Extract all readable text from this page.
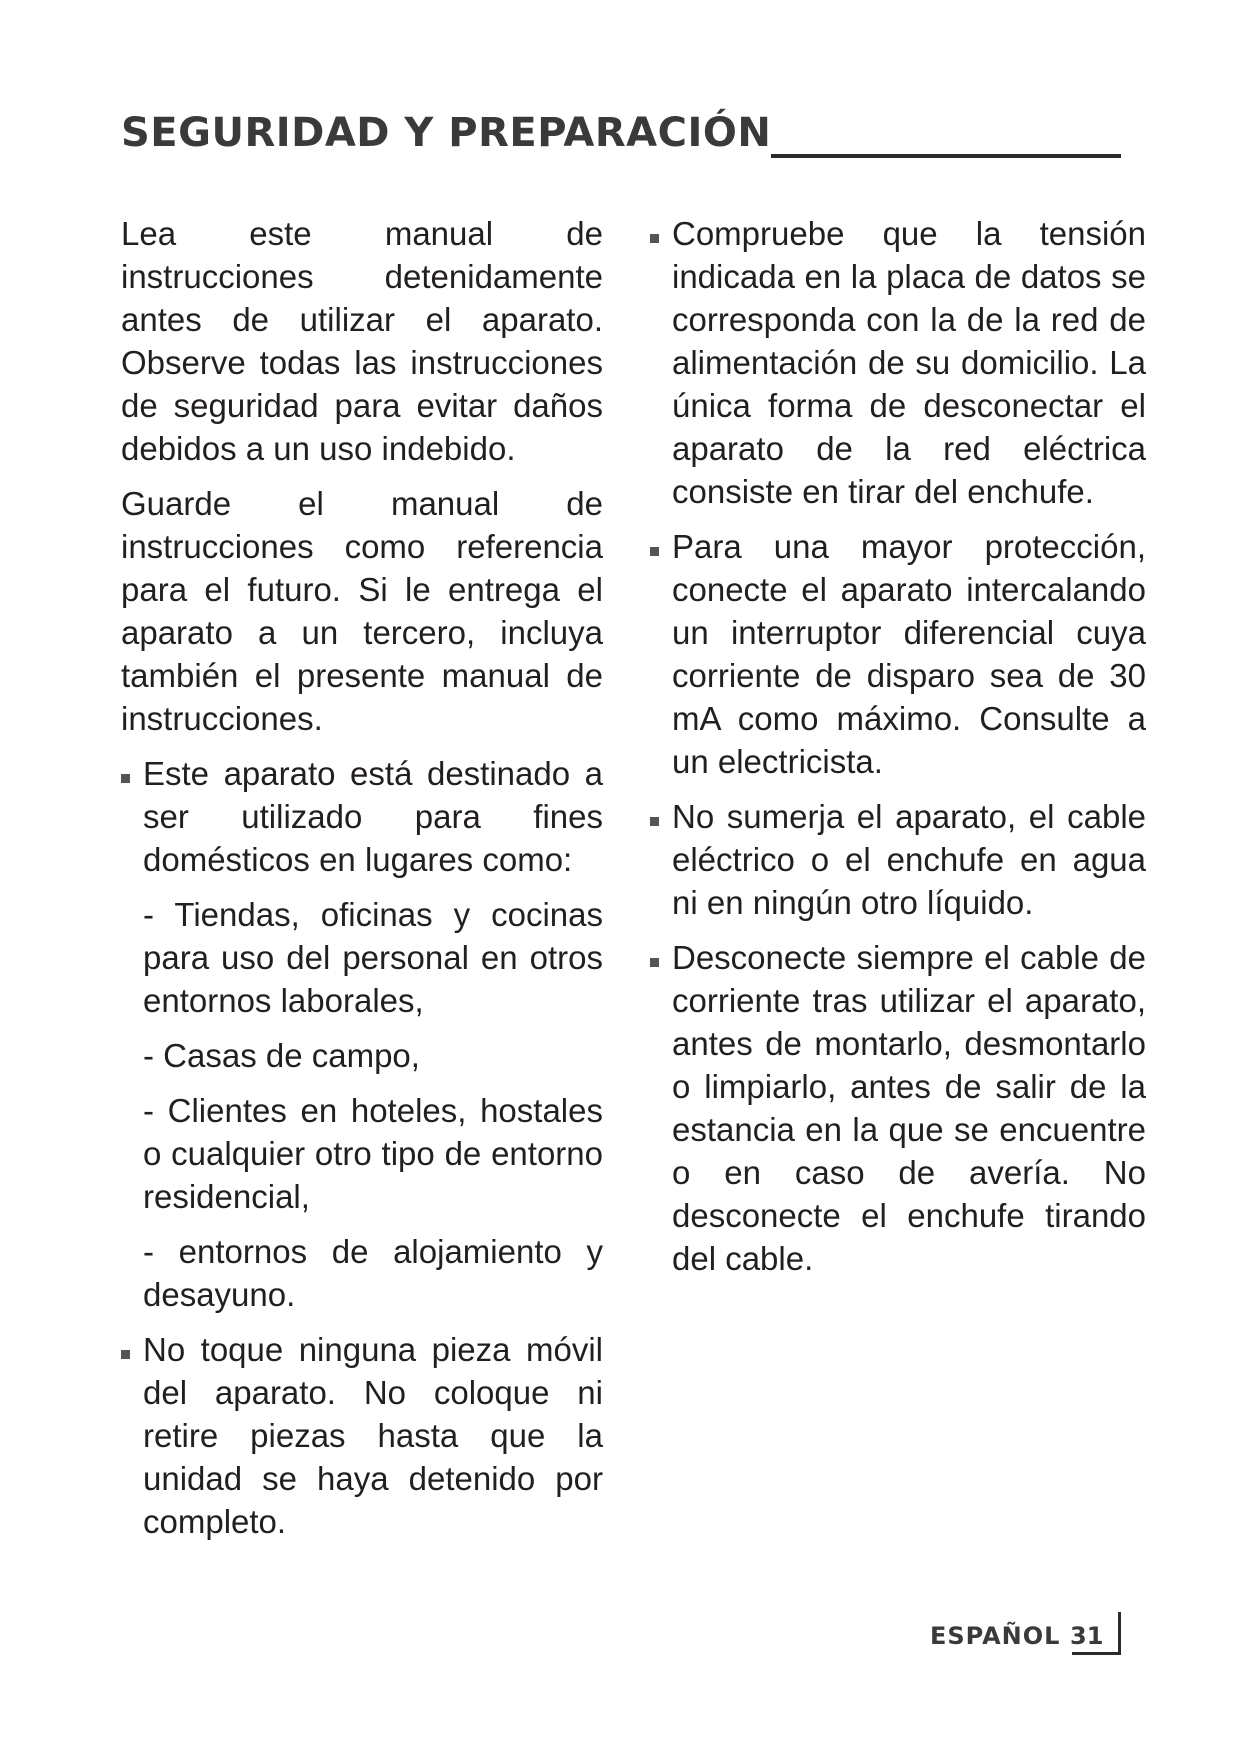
SEGURIDAD Y PREPARACIÓN

Lea este manual de instrucciones detenidamente antes de utilizar el aparato. Observe todas las instrucciones de seguridad para evitar daños debidos a un uso indebido.

Guarde el manual de instrucciones como referencia para el futuro. Si le entrega el aparato a un tercero, incluya también el presente manual de instrucciones.

Este aparato está destinado a ser utilizado para fines domésticos en lugares como:
- Tiendas, oficinas y cocinas para uso del personal en otros entornos laborales,
- Casas de campo,
- Clientes en hoteles, hostales o cualquier otro tipo de entorno residencial,
- entornos de alojamiento y desayuno.
No toque ninguna pieza móvil del aparato. No coloque ni retire piezas hasta que la unidad se haya detenido por completo.
Compruebe que la tensión indicada en la placa de datos se corresponda con la de la red de alimentación de su domicilio. La única forma de desconectar el aparato de la red eléctrica consiste en tirar del enchufe.
Para una mayor protección, conecte el aparato intercalando un interruptor diferencial cuya corriente de disparo sea de 30 mA como máximo. Consulte a un electricista.
No sumerja el aparato, el cable eléctrico o el enchufe en agua ni en ningún otro líquido.
Desconecte siempre el cable de corriente tras utilizar el aparato, antes de montarlo, desmontarlo o limpiarlo, antes de salir de la estancia en la que se encuentre o en caso de avería. No desconecte el enchufe tirando del cable.
ESPAÑOL 31
